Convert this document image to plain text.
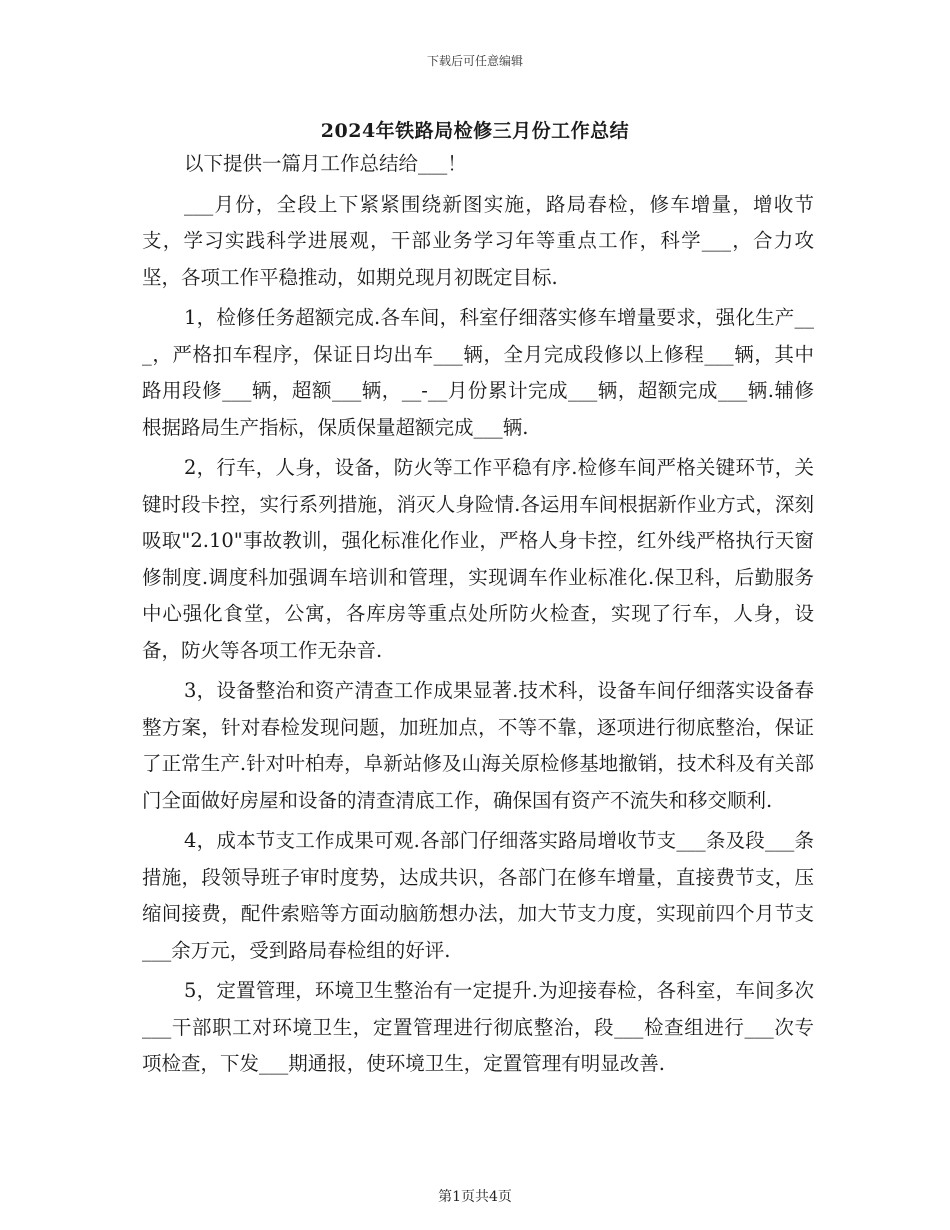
下载后可任意编辑
2024年铁路局检修三月份工作总结

以下提供一篇月工作总结给___！

___月份，全段上下紧紧围绕新图实施，路局春检，修车增量，增收节支，学习实践科学进展观，干部业务学习年等重点工作，科学___，合力攻坚，各项工作平稳推动，如期兑现月初既定目标.

1，检修任务超额完成.各车间，科室仔细落实修车增量要求，强化生产___，严格扣车程序，保证日均出车___辆，全月完成段修以上修程___辆，其中路用段修___辆，超额___辆，__-__月份累计完成___辆，超额完成___辆.辅修根据路局生产指标，保质保量超额完成___辆.

2，行车，人身，设备，防火等工作平稳有序.检修车间严格关键环节，关键时段卡控，实行系列措施，消灭人身险情.各运用车间根据新作业方式，深刻吸取"2.10"事故教训，强化标准化作业，严格人身卡控，红外线严格执行天窗修制度.调度科加强调车培训和管理，实现调车作业标准化.保卫科，后勤服务中心强化食堂，公寓，各库房等重点处所防火检查，实现了行车，人身，设备，防火等各项工作无杂音.

3，设备整治和资产清查工作成果显著.技术科，设备车间仔细落实设备春整方案，针对春检发现问题，加班加点，不等不靠，逐项进行彻底整治，保证了正常生产.针对叶柏寿，阜新站修及山海关原检修基地撤销，技术科及有关部门全面做好房屋和设备的清查清底工作，确保国有资产不流失和移交顺利.

4，成本节支工作成果可观.各部门仔细落实路局增收节支___条及段___条措施，段领导班子审时度势，达成共识，各部门在修车增量，直接费节支，压缩间接费，配件索赔等方面动脑筋想办法，加大节支力度，实现前四个月节支___余万元，受到路局春检组的好评.

5，定置管理，环境卫生整治有一定提升.为迎接春检，各科室，车间多次___干部职工对环境卫生，定置管理进行彻底整治，段___检查组进行___次专项检查，下发___期通报，使环境卫生，定置管理有明显改善.

第1页共4页
